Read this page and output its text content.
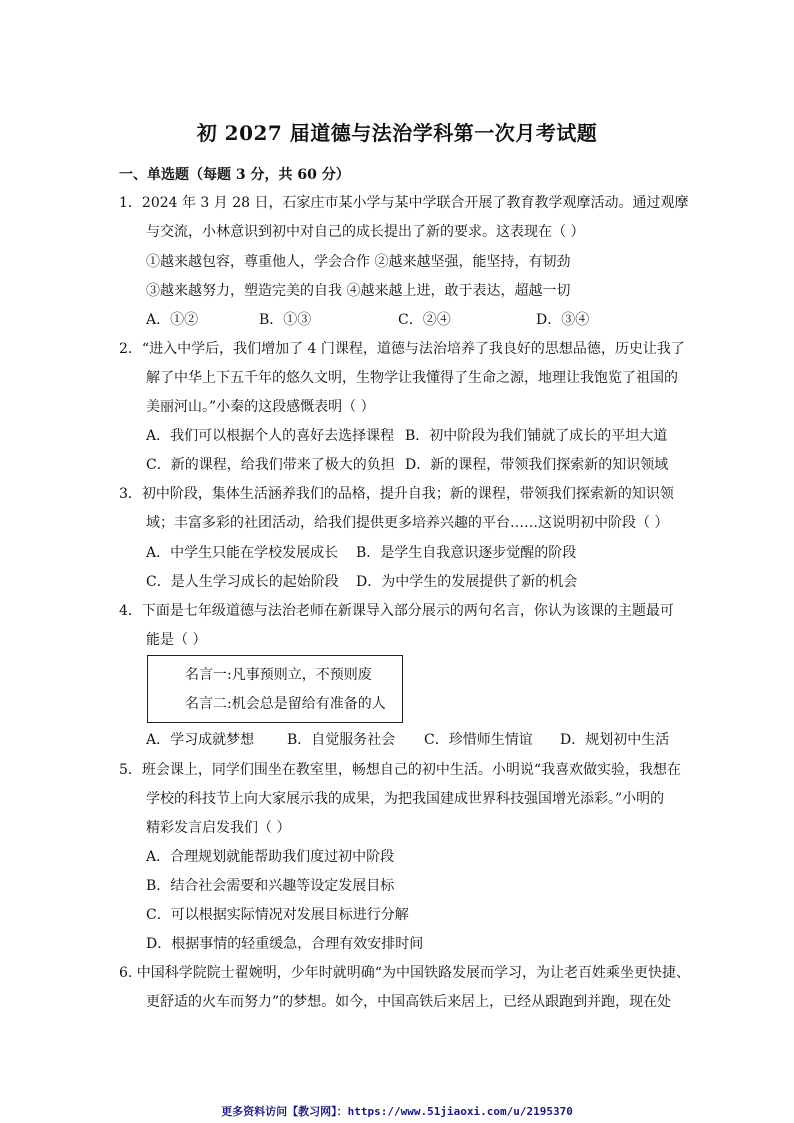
初 2027 届道德与法治学科第一次月考试题
一、单选题（每题 3 分，共 60 分）
1．2024 年 3 月 28 日，石家庄市某小学与某中学联合开展了教育教学观摩活动。通过观摩
与交流，小林意识到初中对自己的成长提出了新的要求。这表现在（ ）
①越来越包容，尊重他人，学会合作 ②越来越坚强，能坚持，有韧劲
③越来越努力，塑造完美的自我 ④越来越上进，敢于表达，超越一切
A．①②	B．①③	C．②④	D．③④
2．“进入中学后，我们增加了 4 门课程，道德与法治培养了我良好的思想品德，历史让我了
解了中华上下五千年的悠久文明，生物学让我懂得了生命之源，地理让我饱览了祖国的
美丽河山。”小秦的这段感慨表明（ ）
A．我们可以根据个人的喜好去选择课程 B．初中阶段为我们铺就了成长的平坦大道
C．新的课程，给我们带来了极大的负担 D．新的课程，带领我们探索新的知识领域
3．初中阶段，集体生活涵养我们的品格，提升自我；新的课程，带领我们探索新的知识领
域；丰富多彩的社团活动，给我们提供更多培养兴趣的平台……这说明初中阶段（ ）
A．中学生只能在学校发展成长 B．是学生自我意识逐步觉醒的阶段
C．是人生学习成长的起始阶段 D．为中学生的发展提供了新的机会
4．下面是七年级道德与法治老师在新课导入部分展示的两句名言，你认为该课的主题最可
能是（ ）
名言一:凡事预则立，不预则废
名言二:机会总是留给有准备的人
A．学习成就梦想 B．自觉服务社会 C．珍惜师生情谊 D．规划初中生活
5．班会课上，同学们围坐在教室里，畅想自己的初中生活。小明说“我喜欢做实验，我想在
学校的科技节上向大家展示我的成果，为把我国建成世界科技强国增光添彩。”小明的
精彩发言启发我们（ ）
A．合理规划就能帮助我们度过初中阶段
B．结合社会需要和兴趣等设定发展目标
C．可以根据实际情况对发展目标进行分解
D．根据事情的轻重缓急，合理有效安排时间
6. 中国科学院院士翟婉明，少年时就明确“为中国铁路发展而学习，为让老百姓乘坐更快捷、
更舒适的火车而努力”的梦想。如今，中国高铁后来居上，已经从跟跑到并跑，现在处
更多资料访问【教习网】：https://www.51jiaoxi.com/u/2195370
